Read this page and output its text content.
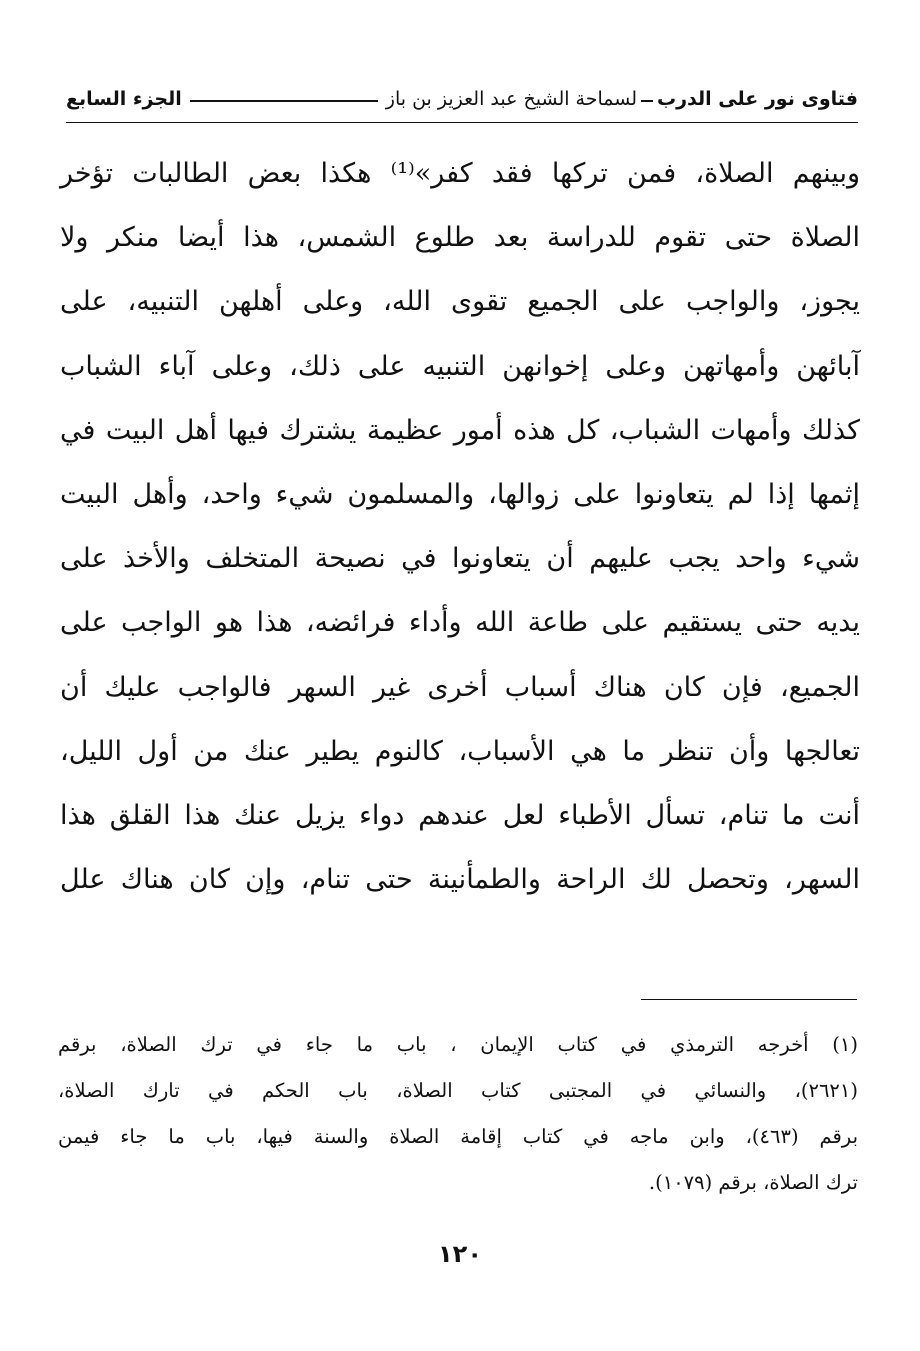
فتاوى نور على الدرب
لسماحة الشيخ عبد العزيز بن باز
الجزء السابع
وبينهم الصلاة، فمن تركها فقد كفر»⁽¹⁾ هكذا بعض الطالبات تؤخر
الصلاة حتى تقوم للدراسة بعد طلوع الشمس، هذا أيضا منكر ولا
يجوز، والواجب على الجميع تقوى الله، وعلى أهلهن التنبيه، على
آبائهن وأمهاتهن وعلى إخوانهن التنبيه على ذلك، وعلى آباء الشباب
كذلك وأمهات الشباب، كل هذه أمور عظيمة يشترك فيها أهل البيت في
إثمها إذا لم يتعاونوا على زوالها، والمسلمون شيء واحد، وأهل البيت
شيء واحد يجب عليهم أن يتعاونوا في نصيحة المتخلف والأخذ على
يديه حتى يستقيم على طاعة الله وأداء فرائضه، هذا هو الواجب على
الجميع، فإن كان هناك أسباب أخرى غير السهر فالواجب عليك أن
تعالجها وأن تنظر ما هي الأسباب، كالنوم يطير عنك من أول الليل،
أنت ما تنام، تسأل الأطباء لعل عندهم دواء يزيل عنك هذا القلق هذا
السهر، وتحصل لك الراحة والطمأنينة حتى تنام، وإن كان هناك علل
(١) أخرجه الترمذي في كتاب الإيمان ، باب ما جاء في ترك الصلاة، برقم
(٢٦٢١)، والنسائي في المجتبى كتاب الصلاة، باب الحكم في تارك الصلاة،
برقم (٤٦٣)، وابن ماجه في كتاب إقامة الصلاة والسنة فيها، باب ما جاء فيمن
ترك الصلاة، برقم (١٠٧٩).
١٢٠
